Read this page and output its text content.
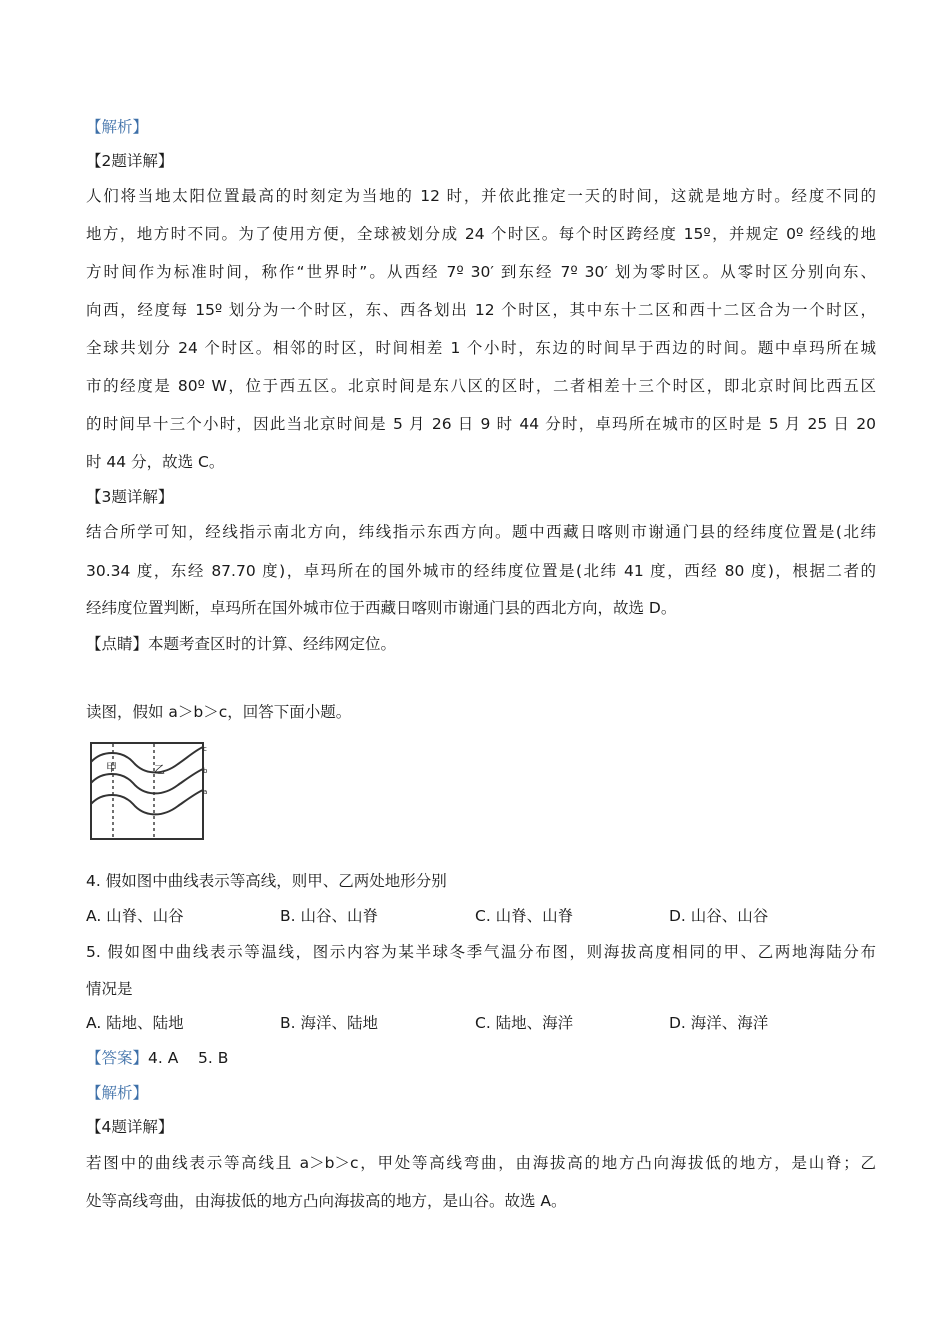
【解析】
【2题详解】
人们将当地太阳位置最高的时刻定为当地的 12 时，并依此推定一天的时间，这就是地方时。经度不同的
地方，地方时不同。为了使用方便，全球被划分成 24 个时区。每个时区跨经度 15º，并规定 0º 经线的地
方时间作为标准时间，称作“世界时”。从西经 7º 30′ 到东经 7º 30′ 划为零时区。从零时区分别向东、
向西，经度每 15º 划分为一个时区，东、西各划出 12 个时区，其中东十二区和西十二区合为一个时区，
全球共划分 24 个时区。相邻的时区，时间相差 1 个小时，东边的时间早于西边的时间。题中卓玛所在城
市的经度是 80º W，位于西五区。北京时间是东八区的区时，二者相差十三个时区，即北京时间比西五区
的时间早十三个小时，因此当北京时间是 5 月 26 日 9 时 44 分时，卓玛所在城市的区时是 5 月 25 日 20
时 44 分，故选 C。
【3题详解】
结合所学可知，经线指示南北方向，纬线指示东西方向。题中西藏日喀则市谢通门县的经纬度位置是(北纬
30.34 度，东经 87.70 度)，卓玛所在的国外城市的经纬度位置是(北纬 41 度，西经 80 度)，根据二者的
经纬度位置判断，卓玛所在国外城市位于西藏日喀则市谢通门县的西北方向，故选 D。
【点睛】本题考查区时的计算、经纬网定位。
读图，假如 a＞b＞c，回答下面小题。
甲	乙
c
b
a
4. 假如图中曲线表示等高线，则甲、乙两处地形分别
A. 山脊、山谷	B. 山谷、山脊	C. 山脊、山脊	D. 山谷、山谷
5. 假如图中曲线表示等温线，图示内容为某半球冬季气温分布图，则海拔高度相同的甲、乙两地海陆分布
情况是
A. 陆地、陆地	B. 海洋、陆地	C. 陆地、海洋	D. 海洋、海洋
【答案】4. A    5. B
【解析】
【4题详解】
若图中的曲线表示等高线且 a＞b＞c，甲处等高线弯曲，由海拔高的地方凸向海拔低的地方，是山脊；乙
处等高线弯曲，由海拔低的地方凸向海拔高的地方，是山谷。故选 A。
